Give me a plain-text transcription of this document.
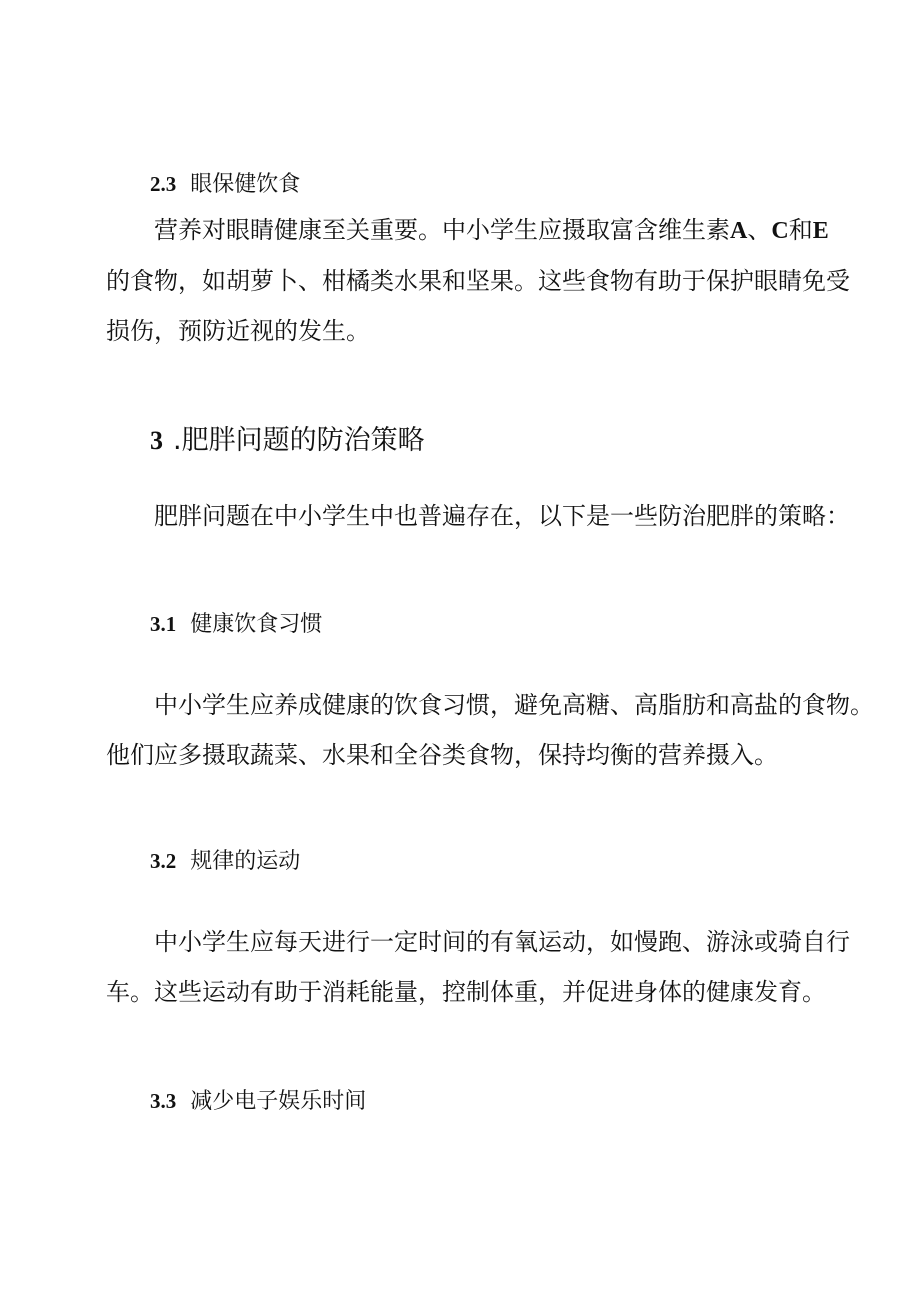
2.3 眼保健饮食
营养对眼睛健康至关重要。中小学生应摄取富含维生素A、C和E
的食物，如胡萝卜、柑橘类水果和坚果。这些食物有助于保护眼睛免受
损伤，预防近视的发生。
3 .肥胖问题的防治策略
肥胖问题在中小学生中也普遍存在，以下是一些防治肥胖的策略：
3.1 健康饮食习惯
中小学生应养成健康的饮食习惯，避免高糖、高脂肪和高盐的食物。
他们应多摄取蔬菜、水果和全谷类食物，保持均衡的营养摄入。
3.2 规律的运动
中小学生应每天进行一定时间的有氧运动，如慢跑、游泳或骑自行
车。这些运动有助于消耗能量，控制体重，并促进身体的健康发育。
3.3 减少电子娱乐时间
